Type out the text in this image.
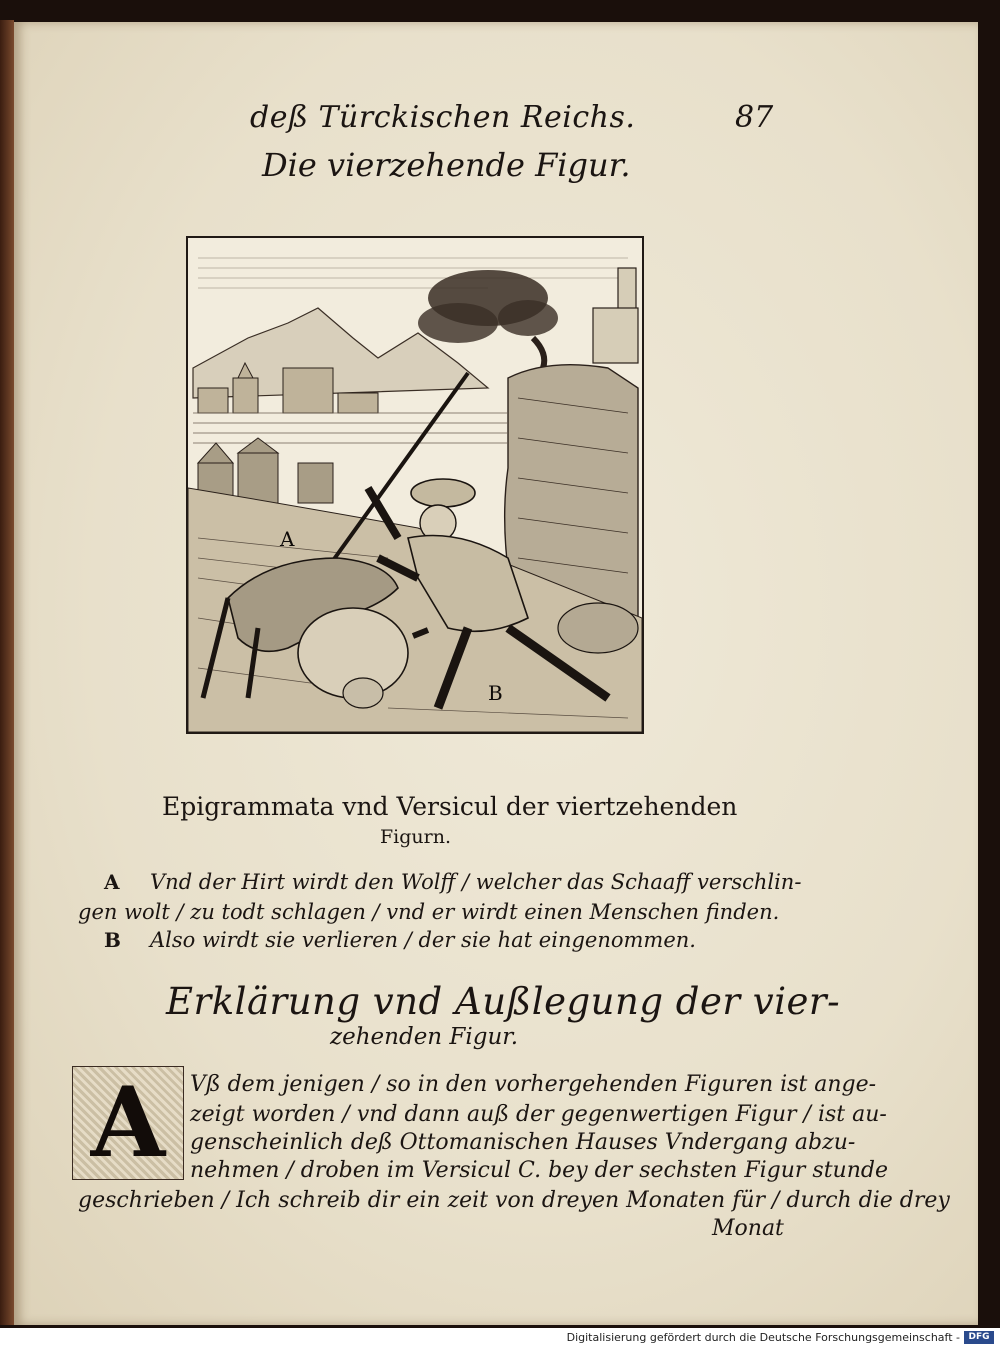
deß Türckischen Reichs.	87
Die vierzehende Figur.
A
B
Epigrammata vnd Versicul der viertzehenden
Figurn.
A Vnd der Hirt wirdt den Wolff / welcher das Schaaff verschlin-
gen wolt / zu todt schlagen / vnd er wirdt einen Menschen finden.
B Also wirdt sie verlieren / der sie hat eingenommen.
Erklärung vnd Außlegung der vier-
zehenden Figur.
A	Vß dem jenigen / so in den vorhergehenden Figuren ist ange-
zeigt worden / vnd dann auß der gegenwertigen Figur / ist au-
genscheinlich deß Ottomanischen Hauses Vndergang abzu-
nehmen / droben im Versicul C. bey der sechsten Figur stunde
geschrieben / Ich schreib dir ein zeit von dreyen Monaten für / durch die drey
Monat
Digitalisierung gefördert durch die Deutsche Forschungsgemeinschaft - DFG
